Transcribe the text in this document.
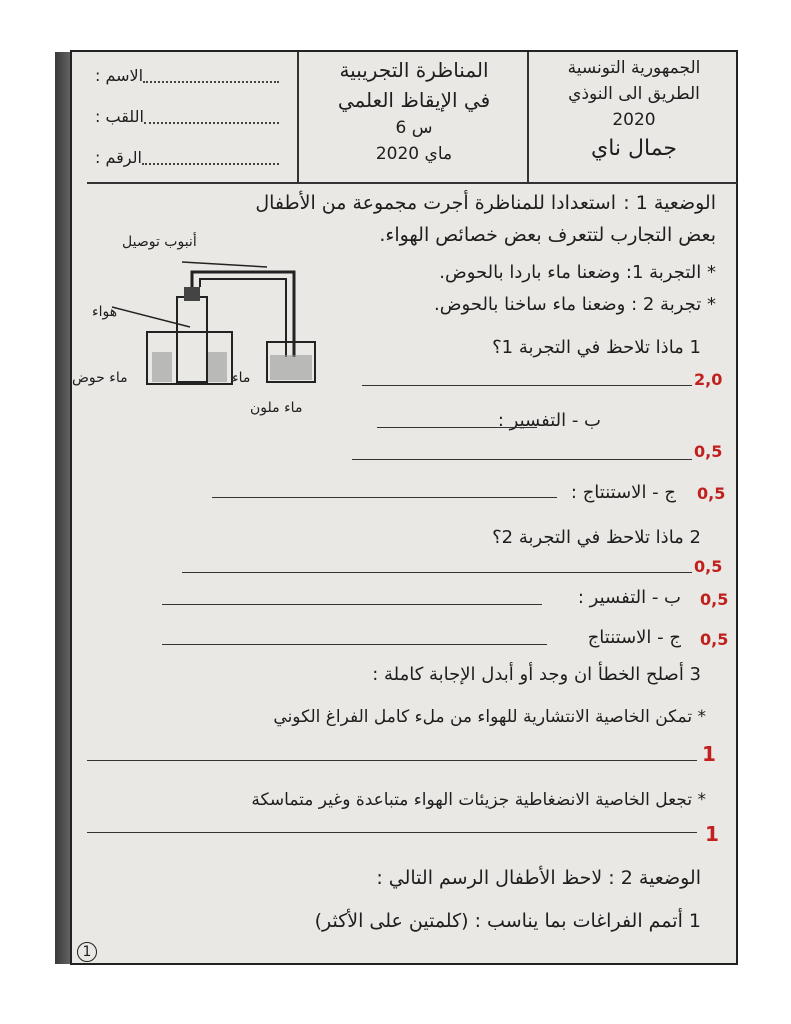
الجمهورية التونسية
الطريق الى النوذي
2020
جمال ناي
المناظرة التجريبية
في الإيقاظ العلمي
س 6
ماي 2020
الاسم :
اللقب :
الرقم :
الوضعية 1 :
استعدادا للمناظرة أجرت مجموعة من الأطفال
بعض التجارب لتتعرف بعض خصائص الهواء.
* التجربة 1: وضعنا ماء باردا بالحوض.
* تجربة 2 : وضعنا ماء ساخنا بالحوض.
أنبوب توصيل
هواء
ماء حوض	ماء
ماء ملون
1 ماذا تلاحظ في التجربة 1؟
2,0
ب - التفسير :
0,5
ج - الاستنتاج : 0,5
2 ماذا تلاحظ في التجربة 2؟
0,5
ب - التفسير : 0,5
ج - الاستنتاج 0,5
3 أصلح الخطأ ان وجد أو أبدل الإجابة كاملة :
* تمكن الخاصية الانتشارية للهواء من ملء كامل الفراغ الكوني
1
* تجعل الخاصية الانضغاطية جزيئات الهواء متباعدة وغير متماسكة
1
الوضعية 2 : لاحظ الأطفال الرسم التالي :
1 أتمم الفراغات بما يناسب : (كلمتين على الأكثر)
1
